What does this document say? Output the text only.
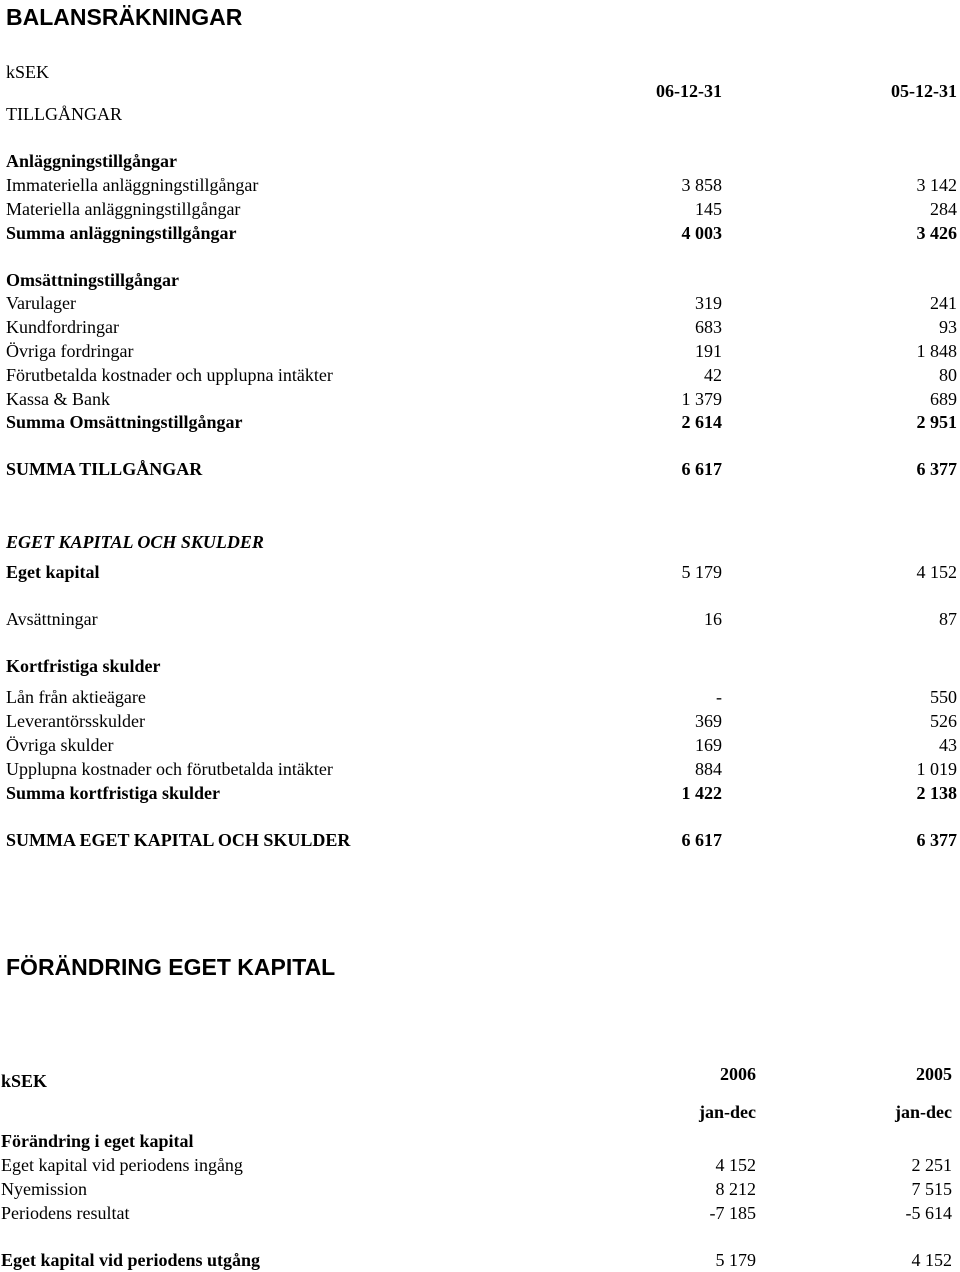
BALANSRÄKNINGAR
kSEK
06-12-31	05-12-31
TILLGÅNGAR
Anläggningstillgångar
Immateriella anläggningstillgångar	3 858	3 142
Materiella anläggningstillgångar	145	284
Summa anläggningstillgångar	4 003	3 426
Omsättningstillgångar
Varulager	319	241
Kundfordringar	683	93
Övriga fordringar	191	1 848
Förutbetalda kostnader och upplupna intäkter	42	80
Kassa & Bank	1 379	689
Summa Omsättningstillgångar	2 614	2 951
SUMMA TILLGÅNGAR	6 617	6 377
EGET KAPITAL OCH SKULDER
Eget kapital	5 179	4 152
Avsättningar	16	87
Kortfristiga skulder
Lån från aktieägare	-	550
Leverantörsskulder	369	526
Övriga skulder	169	43
Upplupna kostnader och förutbetalda intäkter	884	1 019
Summa kortfristiga skulder	1 422	2 138
SUMMA EGET KAPITAL OCH SKULDER	6 617	6 377
FÖRÄNDRING EGET KAPITAL
2006	2005
kSEK
jan-dec	jan-dec
Förändring i eget kapital
Eget kapital vid periodens ingång	4 152	2 251
Nyemission	8 212	7 515
Periodens resultat	-7 185	-5 614
Eget kapital vid periodens utgång	5 179	4 152
